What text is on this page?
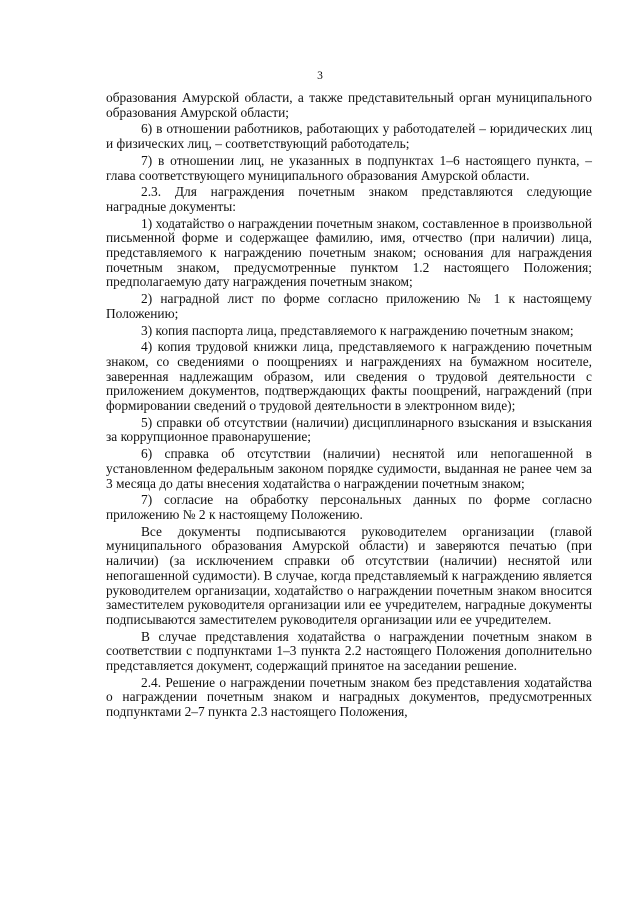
3

образования Амурской области, а также представительный орган муниципального образования Амурской области;

6) в отношении работников, работающих у работодателей – юридических лиц и физических лиц, – соответствующий работодатель;

7) в отношении лиц, не указанных в подпунктах 1–6 настоящего пункта, – глава соответствующего муниципального образования Амурской области.

2.3. Для награждения почетным знаком представляются следующие наградные документы:

1) ходатайство о награждении почетным знаком, составленное в произвольной письменной форме и содержащее фамилию, имя, отчество (при наличии) лица, представляемого к награждению почетным знаком; основания для награждения почетным знаком, предусмотренные пунктом 1.2 настоящего Положения; предполагаемую дату награждения почетным знаком;

2) наградной лист по форме согласно приложению № 1 к настоящему Положению;

3) копия паспорта лица, представляемого к награждению почетным знаком;

4) копия трудовой книжки лица, представляемого к награждению почетным знаком, со сведениями о поощрениях и награждениях на бумажном носителе, заверенная надлежащим образом, или сведения о трудовой деятельности с приложением документов, подтверждающих факты поощрений, награждений (при формировании сведений о трудовой деятельности в электронном виде);

5) справки об отсутствии (наличии) дисциплинарного взыскания и взыскания за коррупционное правонарушение;

6) справка об отсутствии (наличии) неснятой или непогашенной в установленном федеральным законом порядке судимости, выданная не ранее чем за 3 месяца до даты внесения ходатайства о награждении почетным знаком;

7) согласие на обработку персональных данных по форме согласно приложению № 2 к настоящему Положению.

Все документы подписываются руководителем организации (главой муниципального образования Амурской области) и заверяются печатью (при наличии) (за исключением справки об отсутствии (наличии) неснятой или непогашенной судимости). В случае, когда представляемый к награждению является руководителем организации, ходатайство о награждении почетным знаком вносится заместителем руководителя организации или ее учредителем, наградные документы подписываются заместителем руководителя организации или ее учредителем.

В случае представления ходатайства о награждении почетным знаком в соответствии с подпунктами 1–3 пункта 2.2 настоящего Положения дополнительно представляется документ, содержащий принятое на заседании решение.

2.4. Решение о награждении почетным знаком без представления ходатайства о награждении почетным знаком и наградных документов, предусмотренных подпунктами 2–7 пункта 2.3 настоящего Положения,
